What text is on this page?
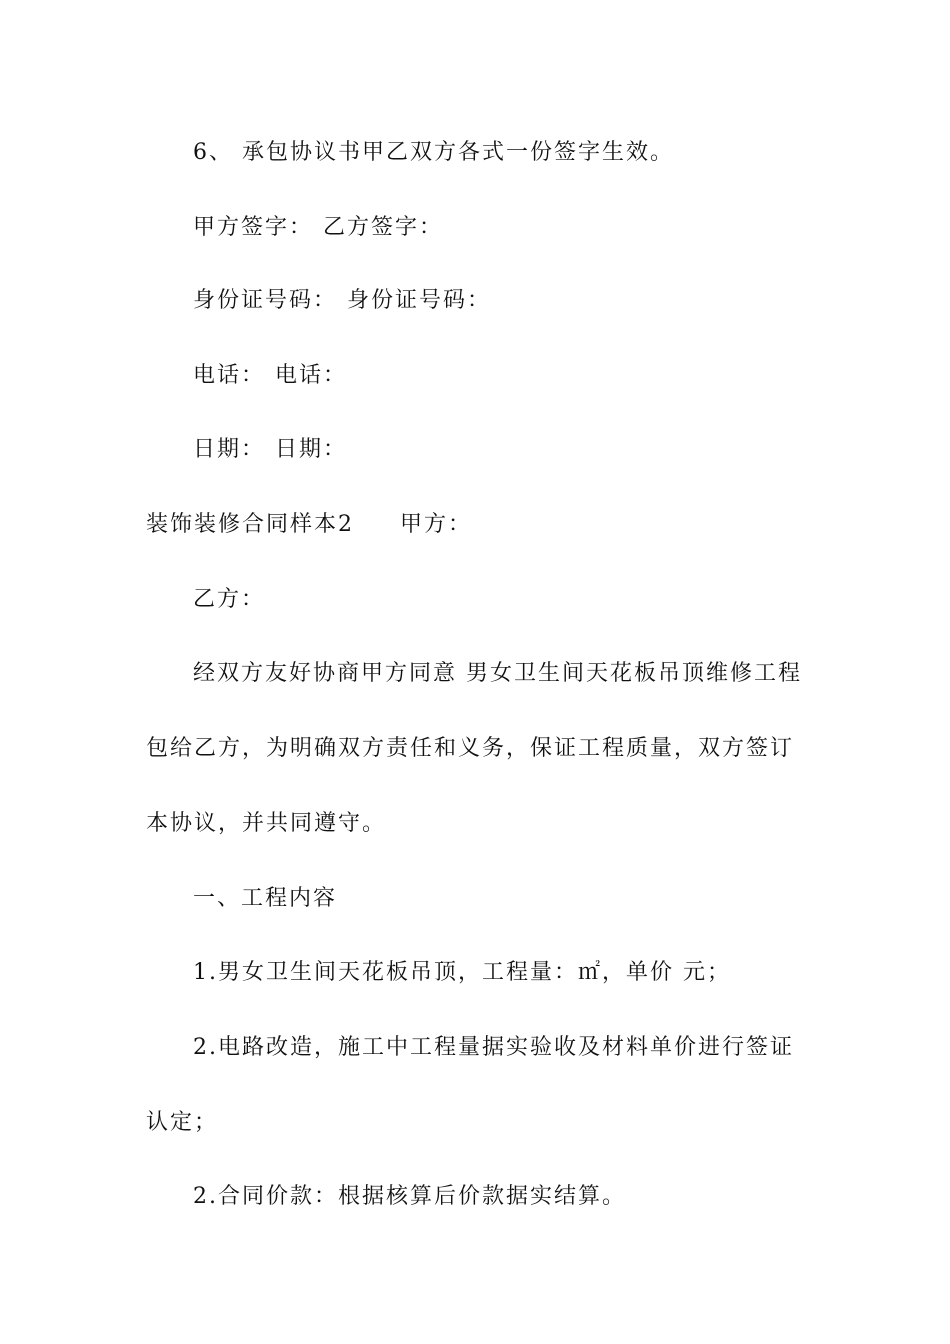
6、 承包协议书甲乙双方各式一份签字生效。
甲方签字： 乙方签字：
身份证号码： 身份证号码：
电话： 电话：
日期： 日期：
装饰装修合同样本2 甲方：
乙方：
经双方友好协商甲方同意 男女卫生间天花板吊顶维修工程
包给乙方，为明确双方责任和义务，保证工程质量，双方签订
本协议，并共同遵守。
一、工程内容
1.男女卫生间天花板吊顶，工程量：㎡，单价 元；
2.电路改造，施工中工程量据实验收及材料单价进行签证
认定；
2.合同价款：根据核算后价款据实结算。
